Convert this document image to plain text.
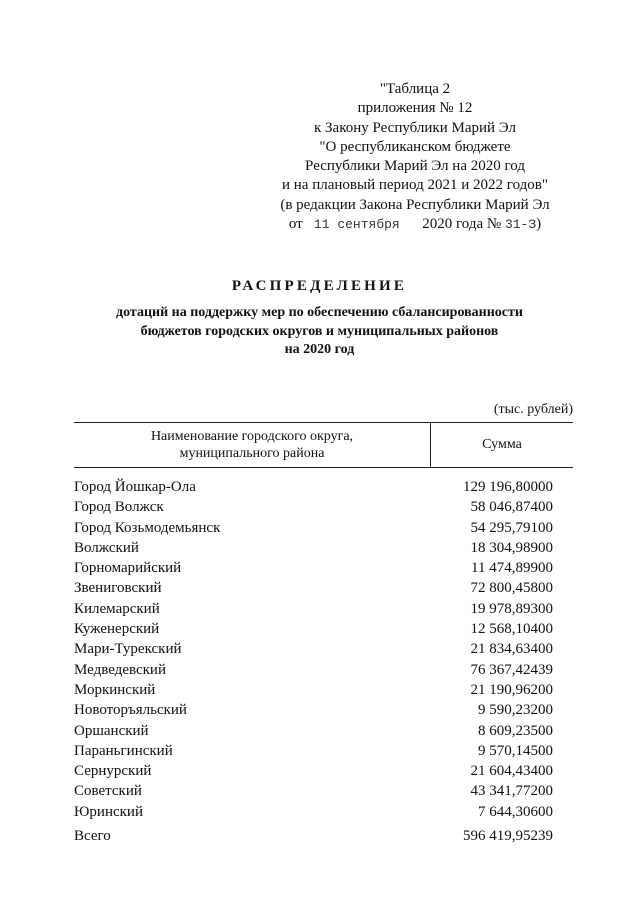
"Таблица 2
приложения № 12
к Закону Республики Марий Эл
"О республиканском бюджете
Республики Марий Эл на 2020 год
и на плановый период 2021 и 2022 годов"
(в редакции Закона Республики Марий Эл
от 11 сентября 2020 года № 31-З)
РАСПРЕДЕЛЕНИЕ
дотаций на поддержку мер по обеспечению сбалансированности
бюджетов городских округов и муниципальных районов
на 2020 год
(тыс. рублей)
Наименование городского округа,
муниципального района
Сумма
Город Йошкар-Ола	129 196,80000
Город Волжск	58 046,87400
Город Козьмодемьянск	54 295,79100
Волжский	18 304,98900
Горномарийский	11 474,89900
Звениговский	72 800,45800
Килемарский	19 978,89300
Куженерский	12 568,10400
Мари-Турекский	21 834,63400
Медведевский	76 367,42439
Моркинский	21 190,96200
Новоторъяльский	9 590,23200
Оршанский	8 609,23500
Параньгинский	9 570,14500
Сернурский	21 604,43400
Советский	43 341,77200
Юринский	7 644,30600
Всего	596 419,95239
